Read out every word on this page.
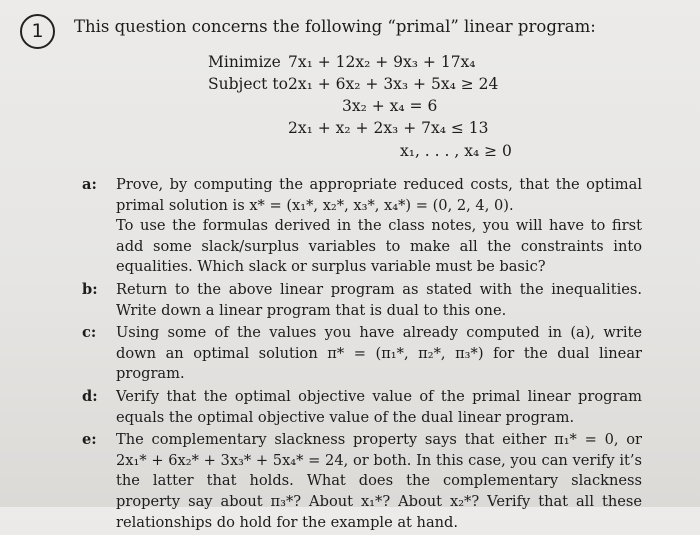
1	This question concerns the following “primal” linear program:
Minimize 7x₁ + 12x₂ + 9x₃ + 17x₄
Subject to 2x₁ + 6x₂ + 3x₃ + 5x₄ ≥ 24
3x₂ + x₄ = 6
2x₁ + x₂ + 2x₃ + 7x₄ ≤ 13
x₁, . . . , x₄ ≥ 0
a: Prove, by computing the appropriate reduced costs, that the optimal primal solution is x* = (x₁*, x₂*, x₃*, x₄*) = (0, 2, 4, 0).

To use the formulas derived in the class notes, you will have to first add some slack/surplus variables to make all the constraints into equalities. Which slack or surplus variable must be basic?

b: Return to the above linear program as stated with the inequalities. Write down a linear program that is dual to this one.

c: Using some of the values you have already computed in (a), write down an optimal solution π* = (π₁*, π₂*, π₃*) for the dual linear program.

d: Verify that the optimal objective value of the primal linear program equals the optimal objective value of the dual linear program.

e: The complementary slackness property says that either π₁* = 0, or 2x₁* + 6x₂* + 3x₃* + 5x₄* = 24, or both. In this case, you can verify it’s the latter that holds. What does the complementary slackness property say about π₃*? About x₁*? About x₂*? Verify that all these relationships do hold for the example at hand.
